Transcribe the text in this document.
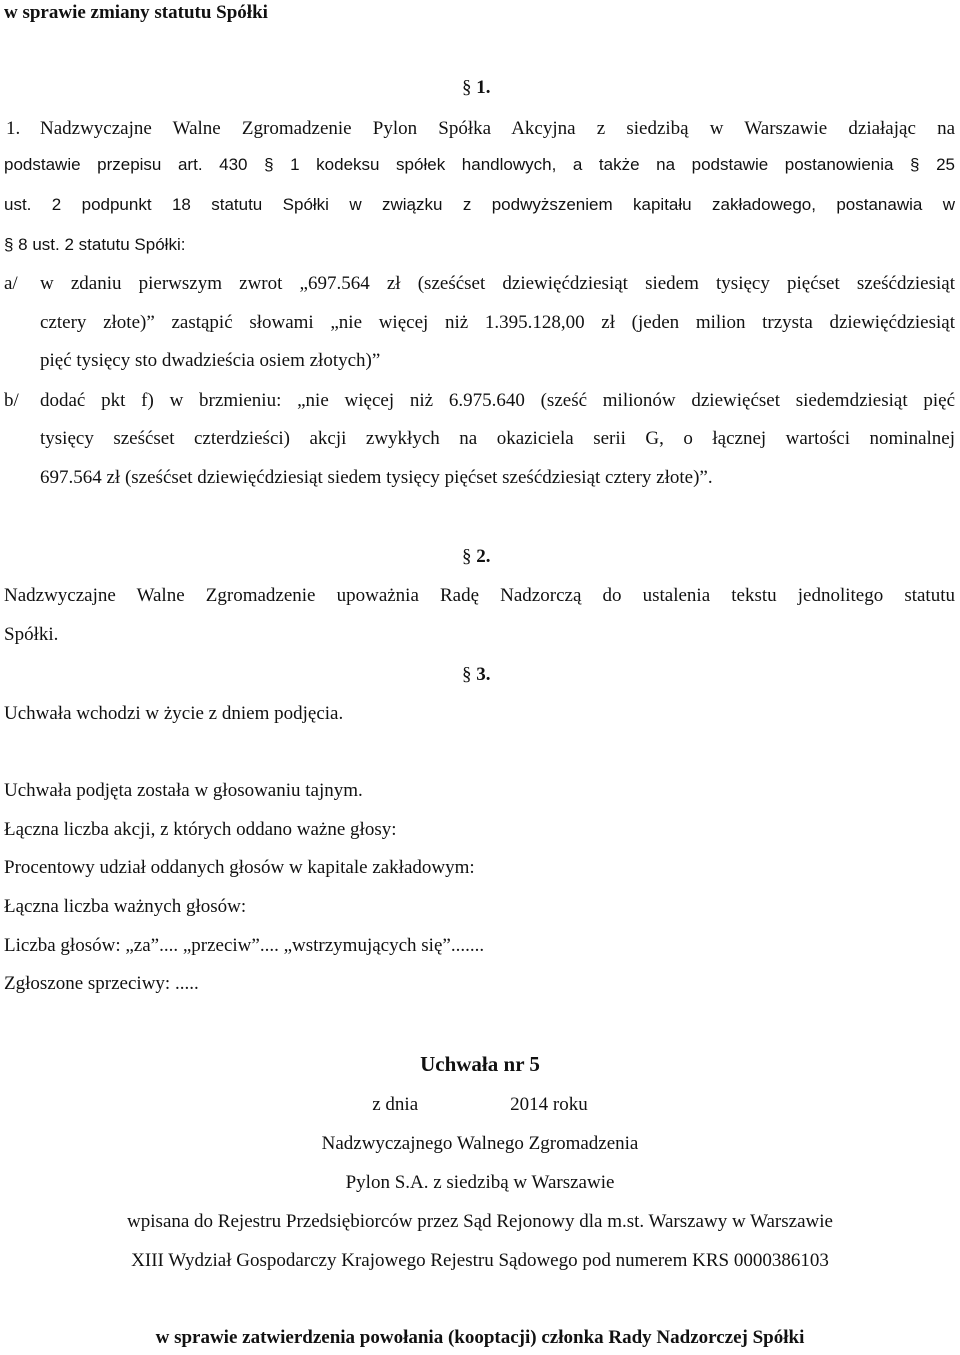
w sprawie zmiany statutu Spółki
§ 1.
1. Nadzwyczajne Walne Zgromadzenie Pylon Spółka Akcyjna z siedzibą w Warszawie działając na
podstawie przepisu art. 430 § 1 kodeksu spółek handlowych, a także na podstawie postanowienia § 25
ust. 2 podpunkt 18 statutu Spółki w związku z podwyższeniem kapitału zakładowego, postanawia w
§ 8 ust. 2 statutu Spółki:
a/ w zdaniu pierwszym zwrot „697.564 zł (sześćset dziewięćdziesiąt siedem tysięcy pięćset sześćdziesiąt
cztery złote)” zastąpić słowami „nie więcej niż 1.395.128,00 zł (jeden milion trzysta dziewięćdziesiąt
pięć tysięcy sto dwadzieścia osiem złotych)”
b/ dodać pkt f) w brzmieniu: „nie więcej niż 6.975.640 (sześć milionów dziewięćset siedemdziesiąt pięć
tysięcy sześćset czterdzieści) akcji zwykłych na okaziciela serii G, o łącznej wartości nominalnej
697.564 zł (sześćset dziewięćdziesiąt siedem tysięcy pięćset sześćdziesiąt cztery złote)”.
§ 2.
Nadzwyczajne Walne Zgromadzenie upoważnia Radę Nadzorczą do ustalenia tekstu jednolitego statutu
Spółki.
§ 3.
Uchwała wchodzi w życie z dniem podjęcia.
Uchwała podjęta została w głosowaniu tajnym.
Łączna liczba akcji, z których oddano ważne głosy:
Procentowy udział oddanych głosów w kapitale zakładowym:
Łączna liczba ważnych głosów:
Liczba głosów: „za”.... „przeciw”.... „wstrzymujących się”.......
Zgłoszone sprzeciwy: .....
Uchwała nr 5
z dnia	2014 roku
Nadzwyczajnego Walnego Zgromadzenia
Pylon S.A. z siedzibą w Warszawie
wpisana do Rejestru Przedsiębiorców przez Sąd Rejonowy dla m.st. Warszawy w Warszawie
XIII Wydział Gospodarczy Krajowego Rejestru Sądowego pod numerem KRS 0000386103
w sprawie zatwierdzenia powołania (kooptacji) członka Rady Nadzorczej Spółki
